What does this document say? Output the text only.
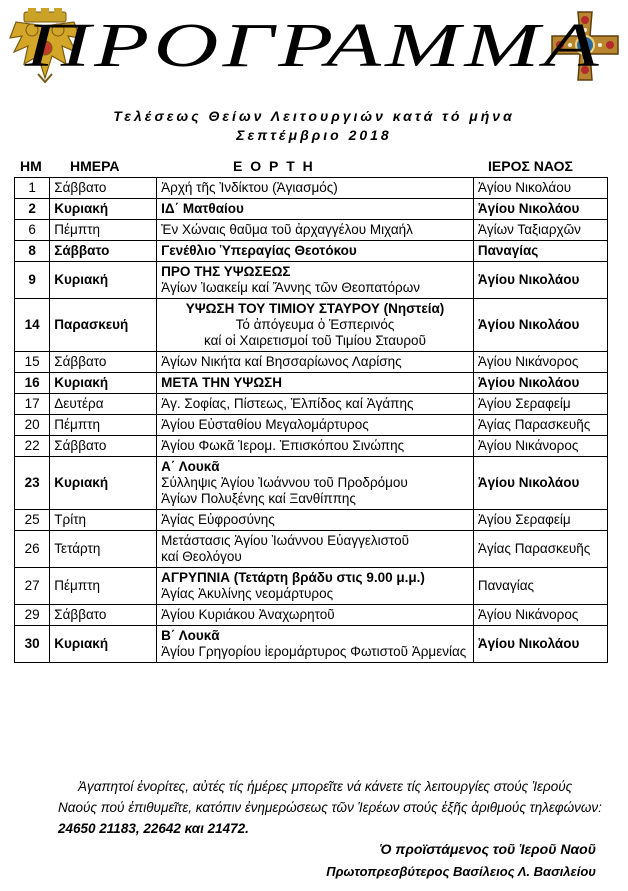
ΠΡΟΓΡΑΜΜΑ
Τελέσεως Θείων Λειτουργιών κατά τό μήνα
Σεπτέμβριο 2018
ΗΜ ΗΜΕΡΑ	Ε Ο Ρ Τ Η	ΙΕΡΟΣ ΝΑΟΣ
1	Σάββατο	Ἀρχή τῆς Ἰνδίκτου (Ἁγιασμός)	Ἁγίου Νικολάου
2	Κυριακή	ΙΔ΄ Ματθαίου	Ἁγίου Νικολάου
6	Πέμπτη	Ἐν Χώναις θαῦμα τοῦ ἀρχαγγέλου Μιχαήλ	Ἁγίων Ταξιαρχῶν
8	Σάββατο	Γενέθλιο Ὑπεραγίας Θεοτόκου	Παναγίας
9	Κυριακή	ΠΡΟ ΤΗΣ ΥΨΩΣΕΩΣ
Ἁγίων Ἰωακείμ καί Ἄννης τῶν Θεοπατόρων	Ἁγίου Νικολάου
14	Παρασκευή	ΥΨΩΣΗ ΤΟΥ ΤΙΜΙΟΥ ΣΤΑΥΡΟΥ (Νηστεία)
Τό ἀπόγευμα ὁ Ἑσπερινός
καί οἱ Χαιρετισμοί τοῦ Τιμίου Σταυροῦ	Ἁγίου Νικολάου
15	Σάββατο	Ἁγίων Νικήτα καί Βησσαρίωνος Λαρίσης	Ἁγίου Νικάνορος
16	Κυριακή	ΜΕΤΑ ΤΗΝ ΥΨΩΣΗ	Ἁγίου Νικολάου
17	Δευτέρα	Ἁγ. Σοφίας, Πίστεως, Ἐλπίδος καί Ἀγάπης	Ἁγίου Σεραφείμ
20	Πέμπτη	Ἁγίου Εὐσταθίου Μεγαλομάρτυρος	Ἁγίας Παρασκευῆς
22	Σάββατο	Ἁγίου Φωκᾶ Ἱερομ. Ἐπισκόπου Σινώπης	Ἁγίου Νικάνορος
23	Κυριακή	Α΄ Λουκᾶ
Σύλληψις Ἁγίου Ἰωάννου τοῦ Προδρόμου
Ἁγίων Πολυξένης καί Ξανθίππης	Ἁγίου Νικολάου
25	Τρίτη	Ἁγίας Εὐφροσύνης	Ἁγίου Σεραφείμ
26	Τετάρτη	Μετάστασις Ἁγίου Ἰωάννου Εὐαγγελιστοῦ
καί Θεολόγου	Ἁγίας Παρασκευῆς
27	Πέμπτη	ΑΓΡΥΠΝΙΑ (Τετάρτη βράδυ στις 9.00 μ.μ.)
Ἁγίας Ἀκυλίνης νεομάρτυρος	Παναγίας
29	Σάββατο	Ἁγίου Κυριάκου Ἀναχωρητοῦ	Ἁγίου Νικάνορος
30	Κυριακή	Β΄ Λουκᾶ
Ἁγίου Γρηγορίου ἱερομάρτυρος Φωτιστοῦ Ἀρμενίας	Ἁγίου Νικολάου
Ἀγαπητοί ἐνορίτες, αὐτές τίς ἡμέρες μπορεῖτε νά κάνετε τίς λειτουργίες στούς Ἱερούς Ναούς πού ἐπιθυμεῖτε, κατόπιν ἐνημερώσεως τῶν Ἱερέων στούς ἑξῆς ἀριθμούς τηλεφώνων: 24650 21183, 22642 και 21472.
Ὁ προϊστάμενος τοῦ Ἱεροῦ Ναοῦ
Πρωτοπρεσβύτερος Βασίλειος Λ. Βασιλείου
